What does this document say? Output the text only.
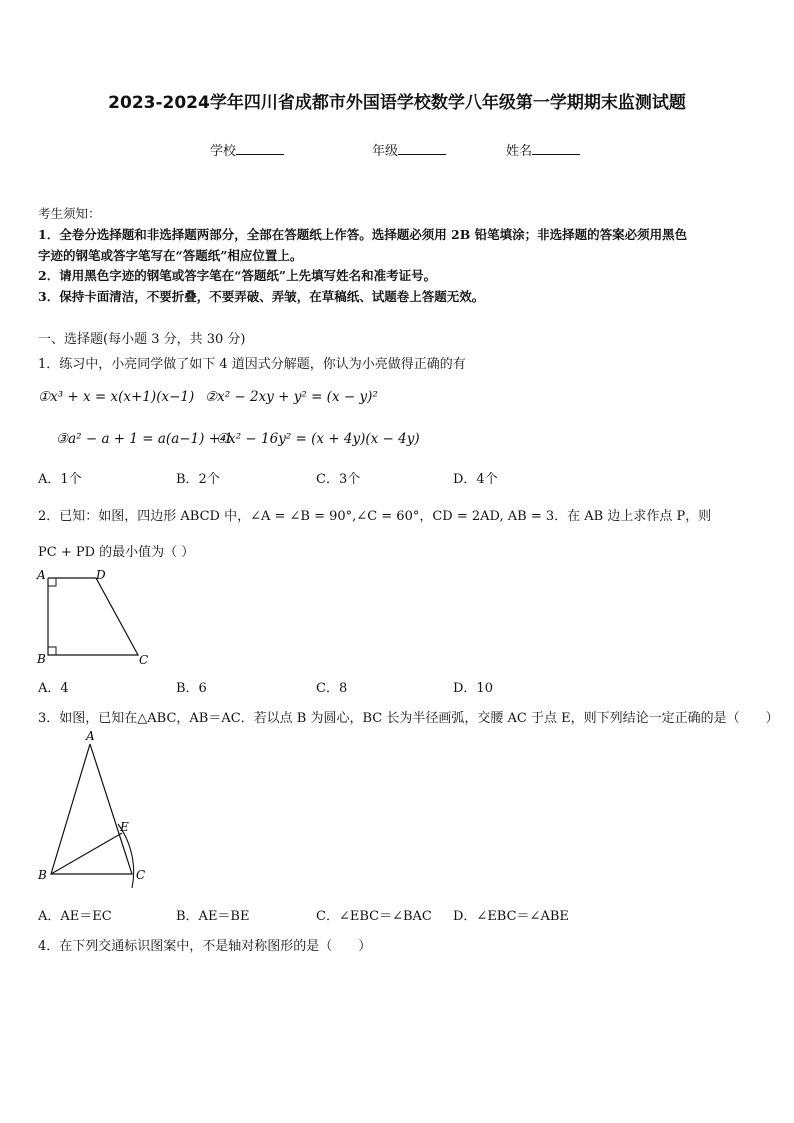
2023-2024学年四川省成都市外国语学校数学八年级第一学期期末监测试题
学校	年级	姓名
考生须知：
1．全卷分选择题和非选择题两部分，全部在答题纸上作答。选择题必须用 2B 铅笔填涂；非选择题的答案必须用黑色
字迹的钢笔或答字笔写在“答题纸”相应位置上。
2．请用黑色字迹的钢笔或答字笔在“答题纸”上先填写姓名和准考证号。
3．保持卡面清洁，不要折叠，不要弄破、弄皱，在草稿纸、试题卷上答题无效。
一、选择题(每小题 3 分，共 30 分)
1．练习中，小亮同学做了如下 4 道因式分解题，你认为小亮做得正确的有
①x³ + x = x(x+1)(x−1) ②x² − 2xy + y² = (x − y)²
③a² − a + 1 = a(a−1) + 1
④x² − 16y² = (x + 4y)(x − 4y)
A．1个	B．2个	C．3个	D．4个
2．已知：如图，四边形 ABCD 中，∠A = ∠B = 90°,∠C = 60°，CD = 2AD, AB = 3．在 AB 边上求作点 P，则
PC + PD 的最小值为（ ）
A	D
B	C
A．4	B．6	C．8	D．10
3．如图，已知在△ABC，AB＝AC．若以点 B 为圆心，BC 长为半径画弧，交腰 AC 于点 E，则下列结论一定正确的是（　　）
A
E
B	C
A．AE＝EC	B．AE＝BE	C．∠EBC＝∠BAC D．∠EBC＝∠ABE
4．在下列交通标识图案中，不是轴对称图形的是（　　）
